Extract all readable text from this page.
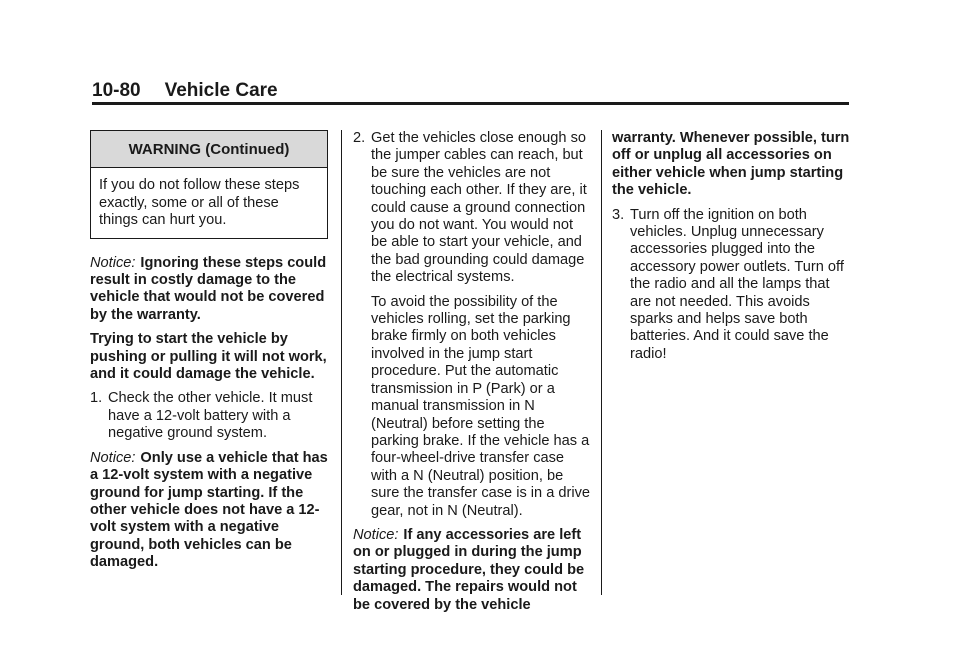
10-80 Vehicle Care
WARNING (Continued)
If you do not follow these steps exactly, some or all of these things can hurt you.

Notice: Ignoring these steps could result in costly damage to the vehicle that would not be covered by the warranty.

Trying to start the vehicle by pushing or pulling it will not work, and it could damage the vehicle.

1. Check the other vehicle. It must have a 12-volt battery with a negative ground system.

Notice: Only use a vehicle that has a 12-volt system with a negative ground for jump starting. If the other vehicle does not have a 12-volt system with a negative ground, both vehicles can be damaged.

2. Get the vehicles close enough so the jumper cables can reach, but be sure the vehicles are not touching each other. If they are, it could cause a ground connection you do not want. You would not be able to start your vehicle, and the bad grounding could damage the electrical systems.

To avoid the possibility of the vehicles rolling, set the parking brake firmly on both vehicles involved in the jump start procedure. Put the automatic transmission in P (Park) or a manual transmission in N (Neutral) before setting the parking brake. If the vehicle has a four-wheel-drive transfer case with a N (Neutral) position, be sure the transfer case is in a drive gear, not in N (Neutral).

Notice: If any accessories are left on or plugged in during the jump starting procedure, they could be damaged. The repairs would not be covered by the vehicle

warranty. Whenever possible, turn off or unplug all accessories on either vehicle when jump starting the vehicle.

3. Turn off the ignition on both vehicles. Unplug unnecessary accessories plugged into the accessory power outlets. Turn off the radio and all the lamps that are not needed. This avoids sparks and helps save both batteries. And it could save the radio!
